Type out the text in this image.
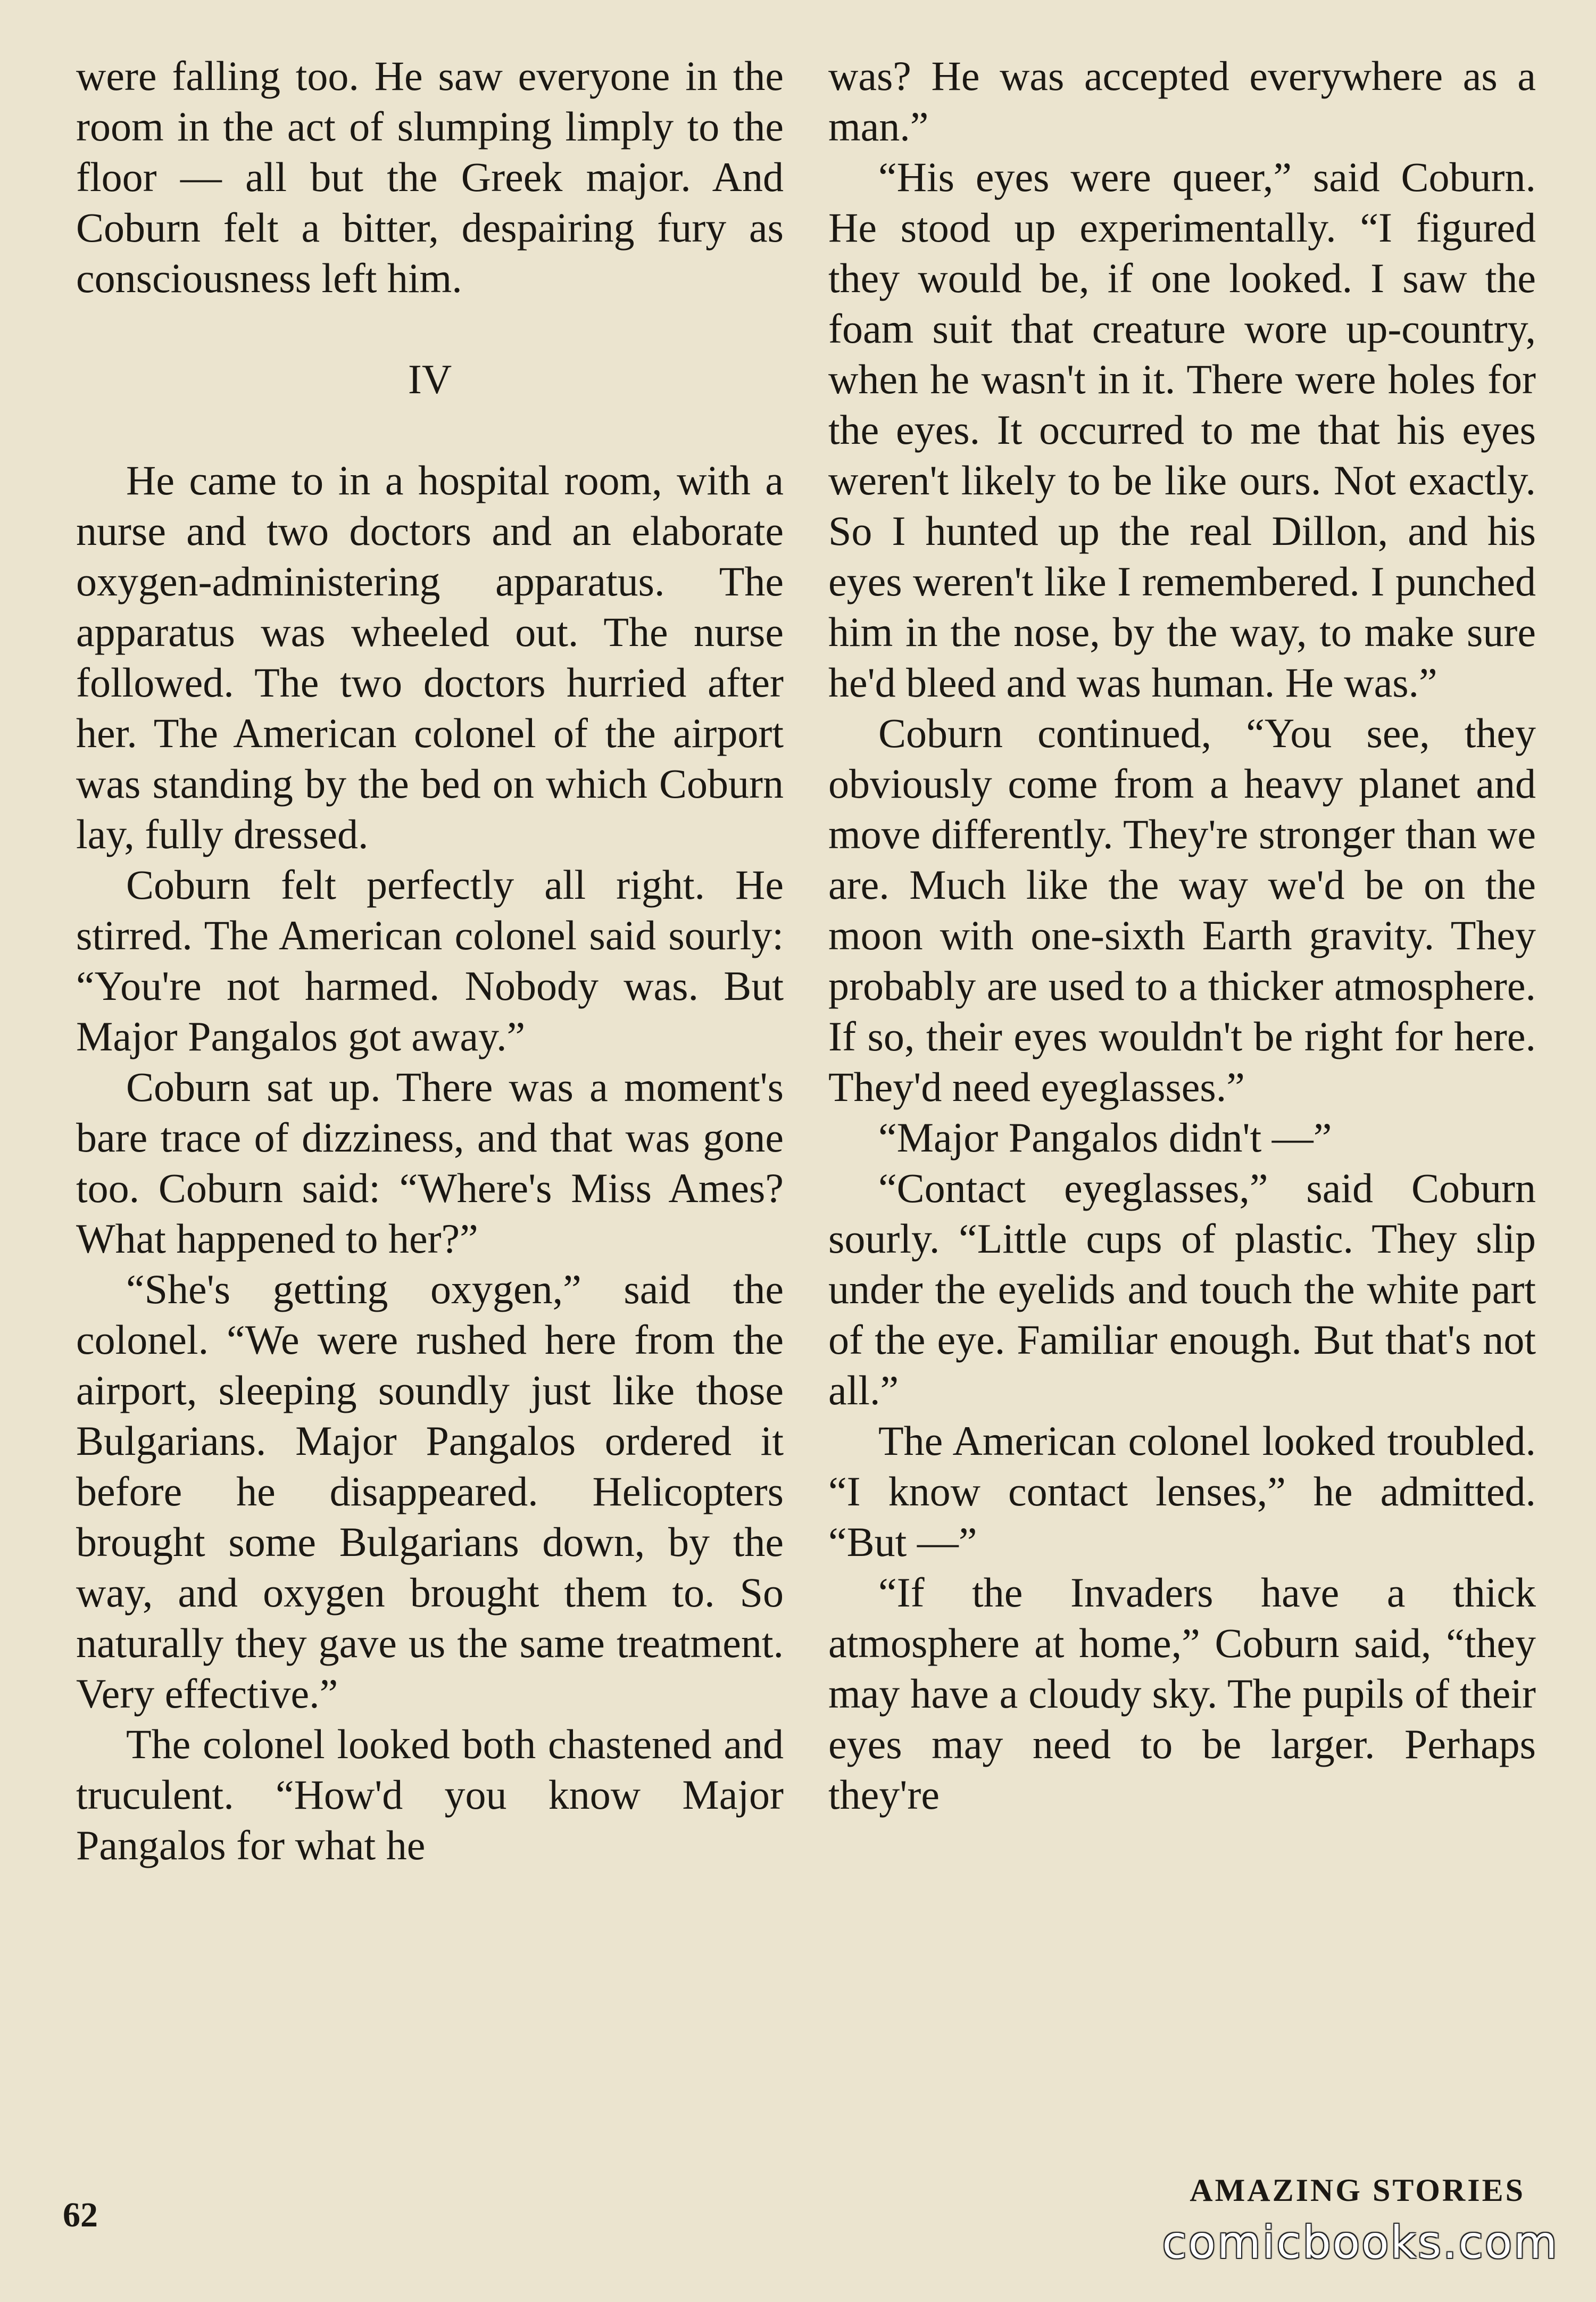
were falling too. He saw everyone in the room in the act of slumping limply to the floor — all but the Greek major. And Coburn felt a bitter, despairing fury as consciousness left him.

IV

He came to in a hospital room, with a nurse and two doctors and an elaborate oxygen-administering apparatus. The apparatus was wheeled out. The nurse followed. The two doctors hurried after her. The American colonel of the airport was standing by the bed on which Coburn lay, fully dressed.

Coburn felt perfectly all right. He stirred. The American colonel said sourly: “You're not harmed. Nobody was. But Major Pangalos got away.”

Coburn sat up. There was a moment's bare trace of dizziness, and that was gone too. Coburn said: “Where's Miss Ames? What happened to her?”

“She's getting oxygen,” said the colonel. “We were rushed here from the airport, sleeping soundly just like those Bulgarians. Major Pangalos ordered it before he disappeared. Helicopters brought some Bulgarians down, by the way, and oxygen brought them to. So naturally they gave us the same treatment. Very effective.”

The colonel looked both chastened and truculent. “How'd you know Major Pangalos for what he

was? He was accepted everywhere as a man.”

“His eyes were queer,” said Coburn. He stood up experimentally. “I figured they would be, if one looked. I saw the foam suit that creature wore up-country, when he wasn't in it. There were holes for the eyes. It occurred to me that his eyes weren't likely to be like ours. Not exactly. So I hunted up the real Dillon, and his eyes weren't like I remembered. I punched him in the nose, by the way, to make sure he'd bleed and was human. He was.”

Coburn continued, “You see, they obviously come from a heavy planet and move differently. They're stronger than we are. Much like the way we'd be on the moon with one-sixth Earth gravity. They probably are used to a thicker atmosphere. If so, their eyes wouldn't be right for here. They'd need eyeglasses.”

“Major Pangalos didn't —”

“Contact eyeglasses,” said Coburn sourly. “Little cups of plastic. They slip under the eyelids and touch the white part of the eye. Familiar enough. But that's not all.”

The American colonel looked troubled. “I know contact lenses,” he admitted. “But —”

“If the Invaders have a thick atmosphere at home,” Coburn said, “they may have a cloudy sky. The pupils of their eyes may need to be larger. Perhaps they're

62
AMAZING STORIES
comicbooks.com
